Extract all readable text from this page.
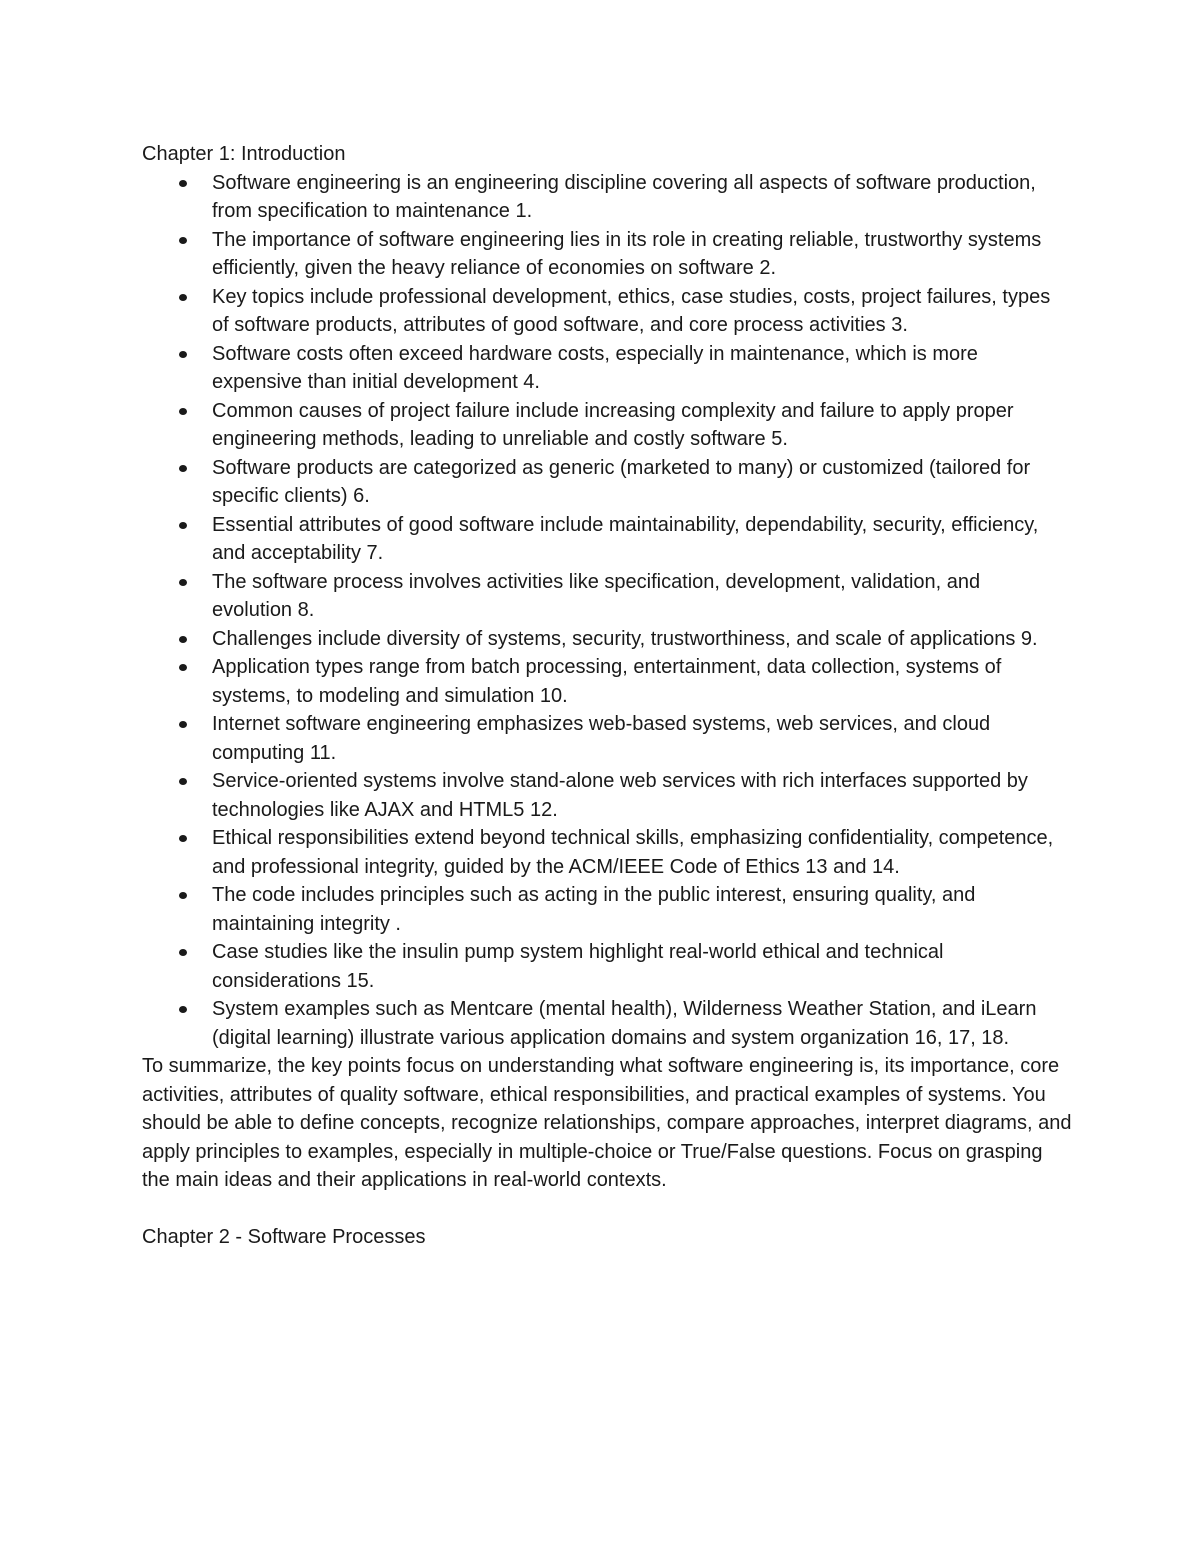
Chapter 1: Introduction

Software engineering is an engineering discipline covering all aspects of software production, from specification to maintenance 1.
The importance of software engineering lies in its role in creating reliable, trustworthy systems efficiently, given the heavy reliance of economies on software 2.
Key topics include professional development, ethics, case studies, costs, project failures, types of software products, attributes of good software, and core process activities 3.
Software costs often exceed hardware costs, especially in maintenance, which is more expensive than initial development 4.
Common causes of project failure include increasing complexity and failure to apply proper engineering methods, leading to unreliable and costly software 5.
Software products are categorized as generic (marketed to many) or customized (tailored for specific clients) 6.
Essential attributes of good software include maintainability, dependability, security, efficiency, and acceptability 7.
The software process involves activities like specification, development, validation, and evolution 8.
Challenges include diversity of systems, security, trustworthiness, and scale of applications 9.
Application types range from batch processing, entertainment, data collection, systems of systems, to modeling and simulation 10.
Internet software engineering emphasizes web-based systems, web services, and cloud computing 11.
Service-oriented systems involve stand-alone web services with rich interfaces supported by technologies like AJAX and HTML5 12.
Ethical responsibilities extend beyond technical skills, emphasizing confidentiality, competence, and professional integrity, guided by the ACM/IEEE Code of Ethics 13 and 14.
The code includes principles such as acting in the public interest, ensuring quality, and maintaining integrity .
Case studies like the insulin pump system highlight real-world ethical and technical considerations 15.
System examples such as Mentcare (mental health), Wilderness Weather Station, and iLearn (digital learning) illustrate various application domains and system organization 16, 17, 18.

To summarize, the key points focus on understanding what software engineering is, its importance, core activities, attributes of quality software, ethical responsibilities, and practical examples of systems. You should be able to define concepts, recognize relationships, compare approaches, interpret diagrams, and apply principles to examples, especially in multiple-choice or True/False questions. Focus on grasping the main ideas and their applications in real-world contexts.

Chapter 2 - Software Processes
